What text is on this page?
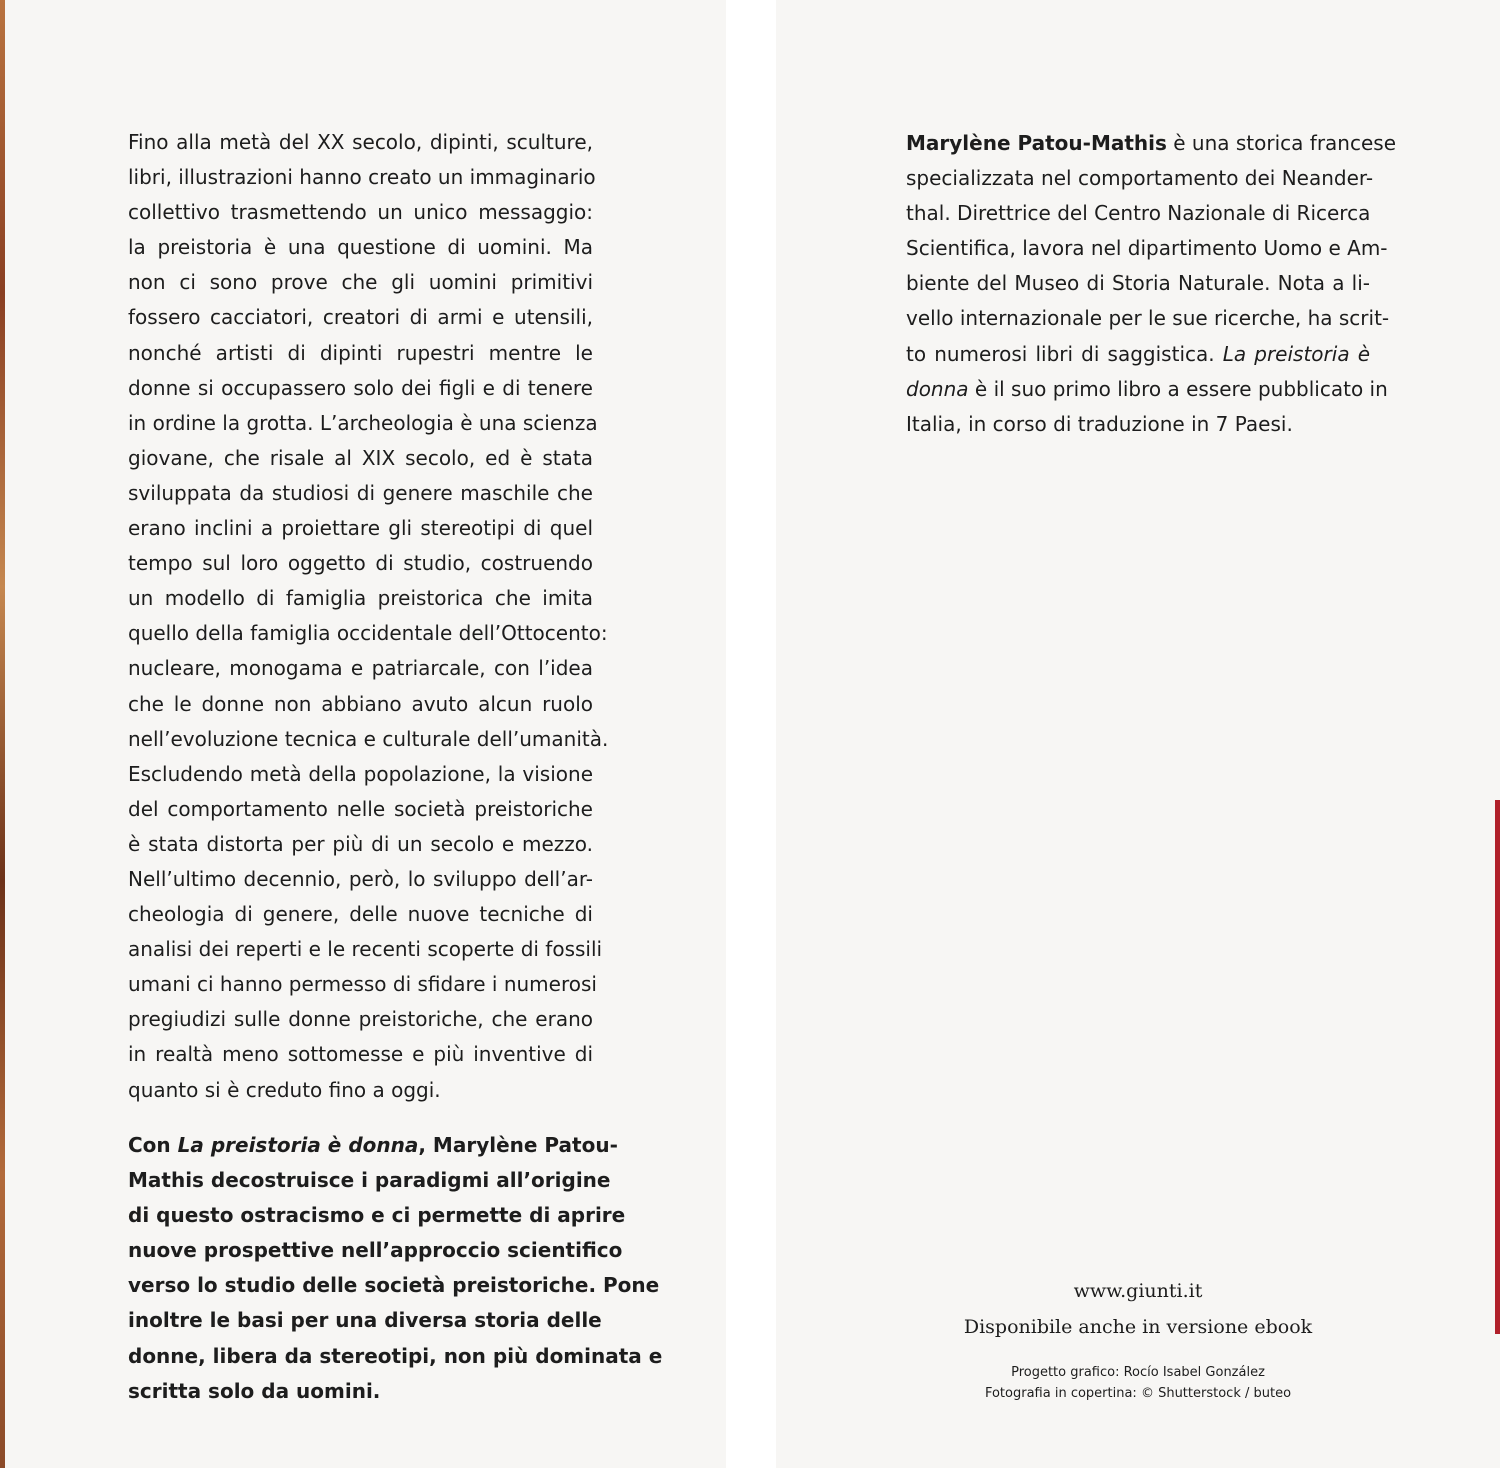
Fino alla metà del XX secolo, dipinti, sculture,
libri, illustrazioni hanno creato un immaginario
collettivo trasmettendo un unico messaggio:
la preistoria è una questione di uomini. Ma
non ci sono prove che gli uomini primitivi
fossero cacciatori, creatori di armi e utensili,
nonché artisti di dipinti rupestri mentre le
donne si occupassero solo dei figli e di tenere
in ordine la grotta. L’archeologia è una scienza
giovane, che risale al XIX secolo, ed è stata
sviluppata da studiosi di genere maschile che
erano inclini a proiettare gli stereotipi di quel
tempo sul loro oggetto di studio, costruendo
un modello di famiglia preistorica che imita
quello della famiglia occidentale dell’Ottocento:
nucleare, monogama e patriarcale, con l’idea
che le donne non abbiano avuto alcun ruolo
nell’evoluzione tecnica e culturale dell’umanità.
Escludendo metà della popolazione, la visione
del comportamento nelle società preistoriche
è stata distorta per più di un secolo e mezzo.
Nell’ultimo decennio, però, lo sviluppo dell’ar-
cheologia di genere, delle nuove tecniche di
analisi dei reperti e le recenti scoperte di fossili
umani ci hanno permesso di sfidare i numerosi
pregiudizi sulle donne preistoriche, che erano
in realtà meno sottomesse e più inventive di
quanto si è creduto fino a oggi.
Con La preistoria è donna, Marylène Patou-
Mathis decostruisce i paradigmi all’origine
di questo ostracismo e ci permette di aprire
nuove prospettive nell’approccio scientifico
verso lo studio delle società preistoriche. Pone
inoltre le basi per una diversa storia delle
donne, libera da stereotipi, non più dominata e
scritta solo da uomini.
Marylène Patou-Mathis è una storica francese
specializzata nel comportamento dei Neander-
thal. Direttrice del Centro Nazionale di Ricerca
Scientifica, lavora nel dipartimento Uomo e Am-
biente del Museo di Storia Naturale. Nota a li-
vello internazionale per le sue ricerche, ha scrit-
to numerosi libri di saggistica. La preistoria è
donna è il suo primo libro a essere pubblicato in
Italia, in corso di traduzione in 7 Paesi.
www.giunti.it
Disponibile anche in versione ebook
Progetto grafico: Rocío Isabel González
Fotografia in copertina: © Shutterstock / buteo
